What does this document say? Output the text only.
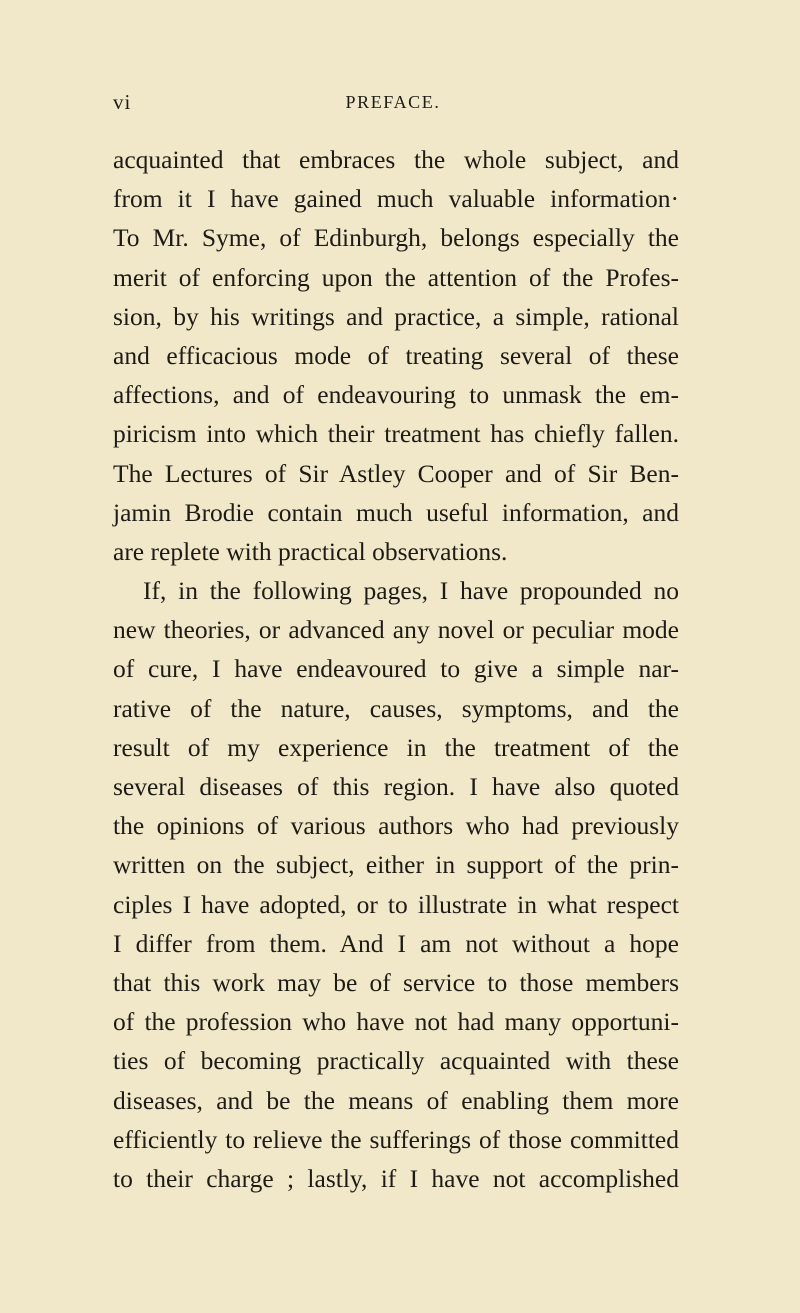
vi	PREFACE.
acquainted that embraces the whole subject, and
from it I have gained much valuable information·
To Mr. Syme, of Edinburgh, belongs especially the
merit of enforcing upon the attention of the Profes-
sion, by his writings and practice, a simple, rational
and efficacious mode of treating several of these
affections, and of endeavouring to unmask the em-
piricism into which their treatment has chiefly fallen.
The Lectures of Sir Astley Cooper and of Sir Ben-
jamin Brodie contain much useful information, and
are replete with practical observations.
If, in the following pages, I have propounded no
new theories, or advanced any novel or peculiar mode
of cure, I have endeavoured to give a simple nar-
rative of the nature, causes, symptoms, and the
result of my experience in the treatment of the
several diseases of this region. I have also quoted
the opinions of various authors who had previously
written on the subject, either in support of the prin-
ciples I have adopted, or to illustrate in what respect
I differ from them. And I am not without a hope
that this work may be of service to those members
of the profession who have not had many opportuni-
ties of becoming practically acquainted with these
diseases, and be the means of enabling them more
efficiently to relieve the sufferings of those committed
to their charge ; lastly, if I have not accomplished
